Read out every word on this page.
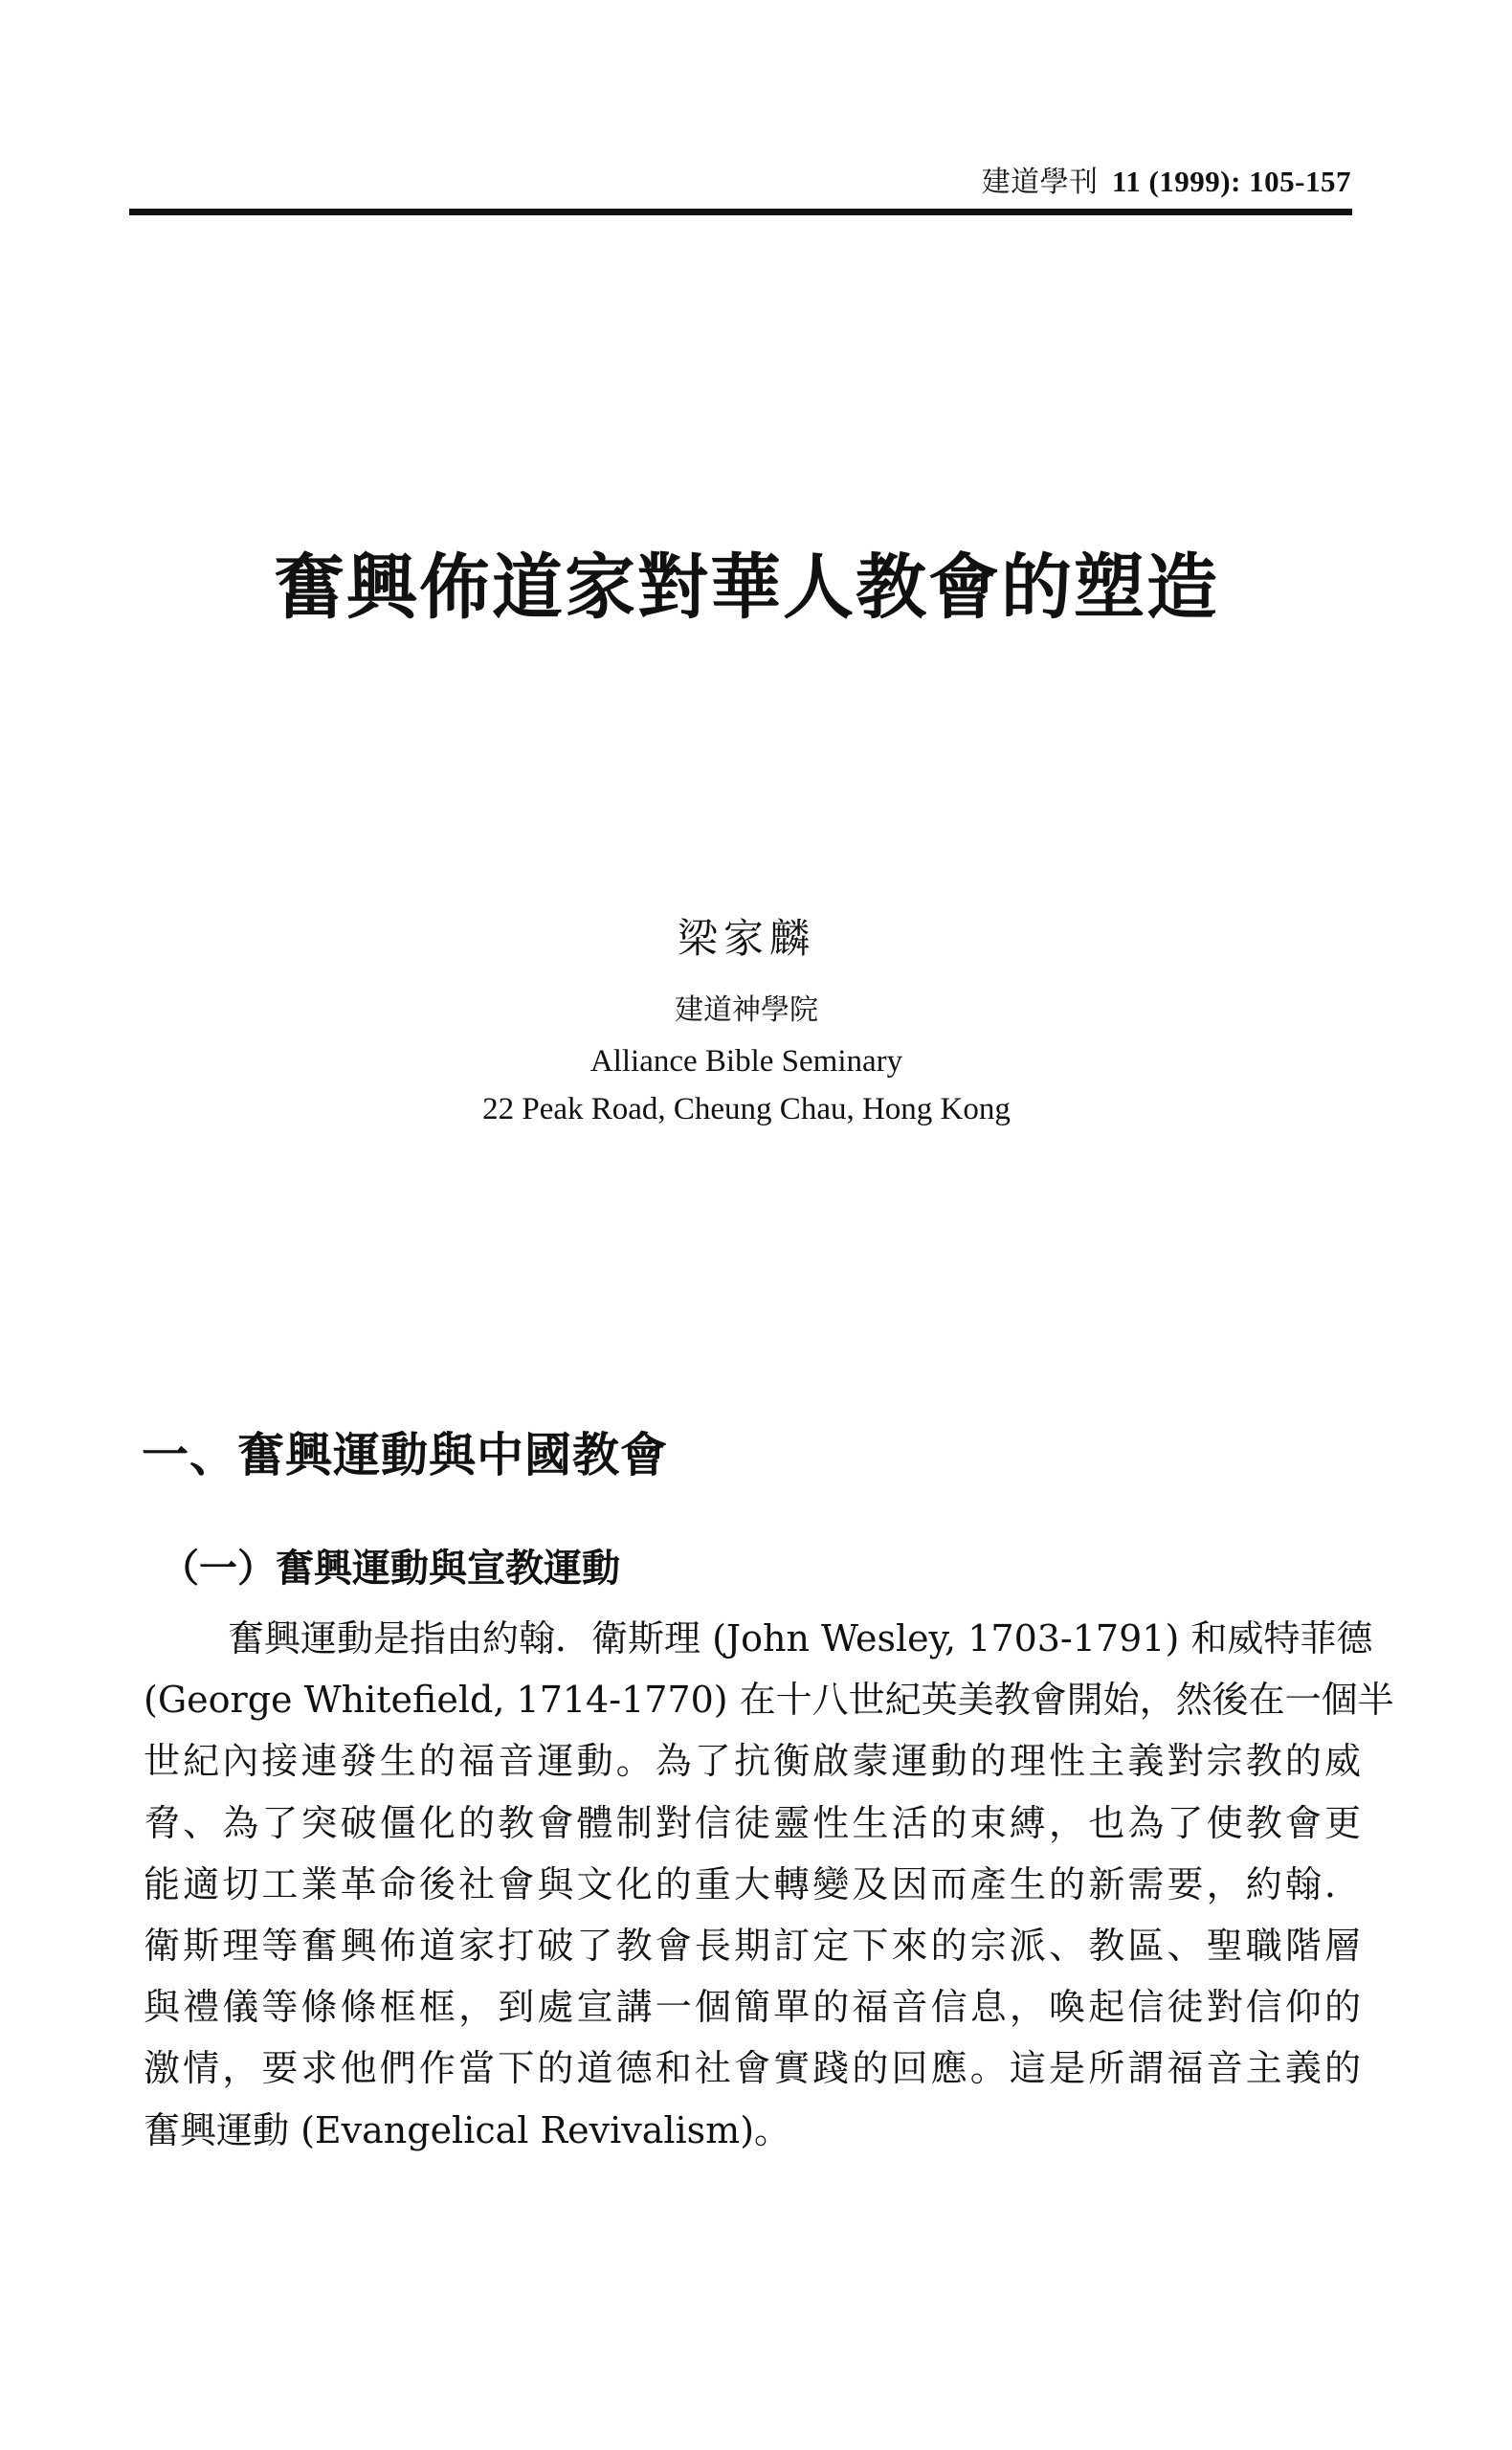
建道學刊 11 (1999): 105-157
奮興佈道家對華人教會的塑造
梁家麟
建道神學院
Alliance Bible Seminary
22 Peak Road, Cheung Chau, Hong Kong
一、奮興運動與中國教會
（一）奮興運動與宣教運動

奮興運動是指由約翰．衛斯理 (John Wesley, 1703-1791) 和威特菲德
(George Whitefield, 1714-1770) 在十八世紀英美教會開始，然後在一個半
世紀內接連發生的福音運動。為了抗衡啟蒙運動的理性主義對宗教的威
脅、為了突破僵化的教會體制對信徒靈性生活的束縛，也為了使教會更
能適切工業革命後社會與文化的重大轉變及因而產生的新需要，約翰．
衛斯理等奮興佈道家打破了教會長期訂定下來的宗派、教區、聖職階層
與禮儀等條條框框，到處宣講一個簡單的福音信息，喚起信徒對信仰的
激情，要求他們作當下的道德和社會實踐的回應。這是所謂福音主義的
奮興運動 (Evangelical Revivalism)。
